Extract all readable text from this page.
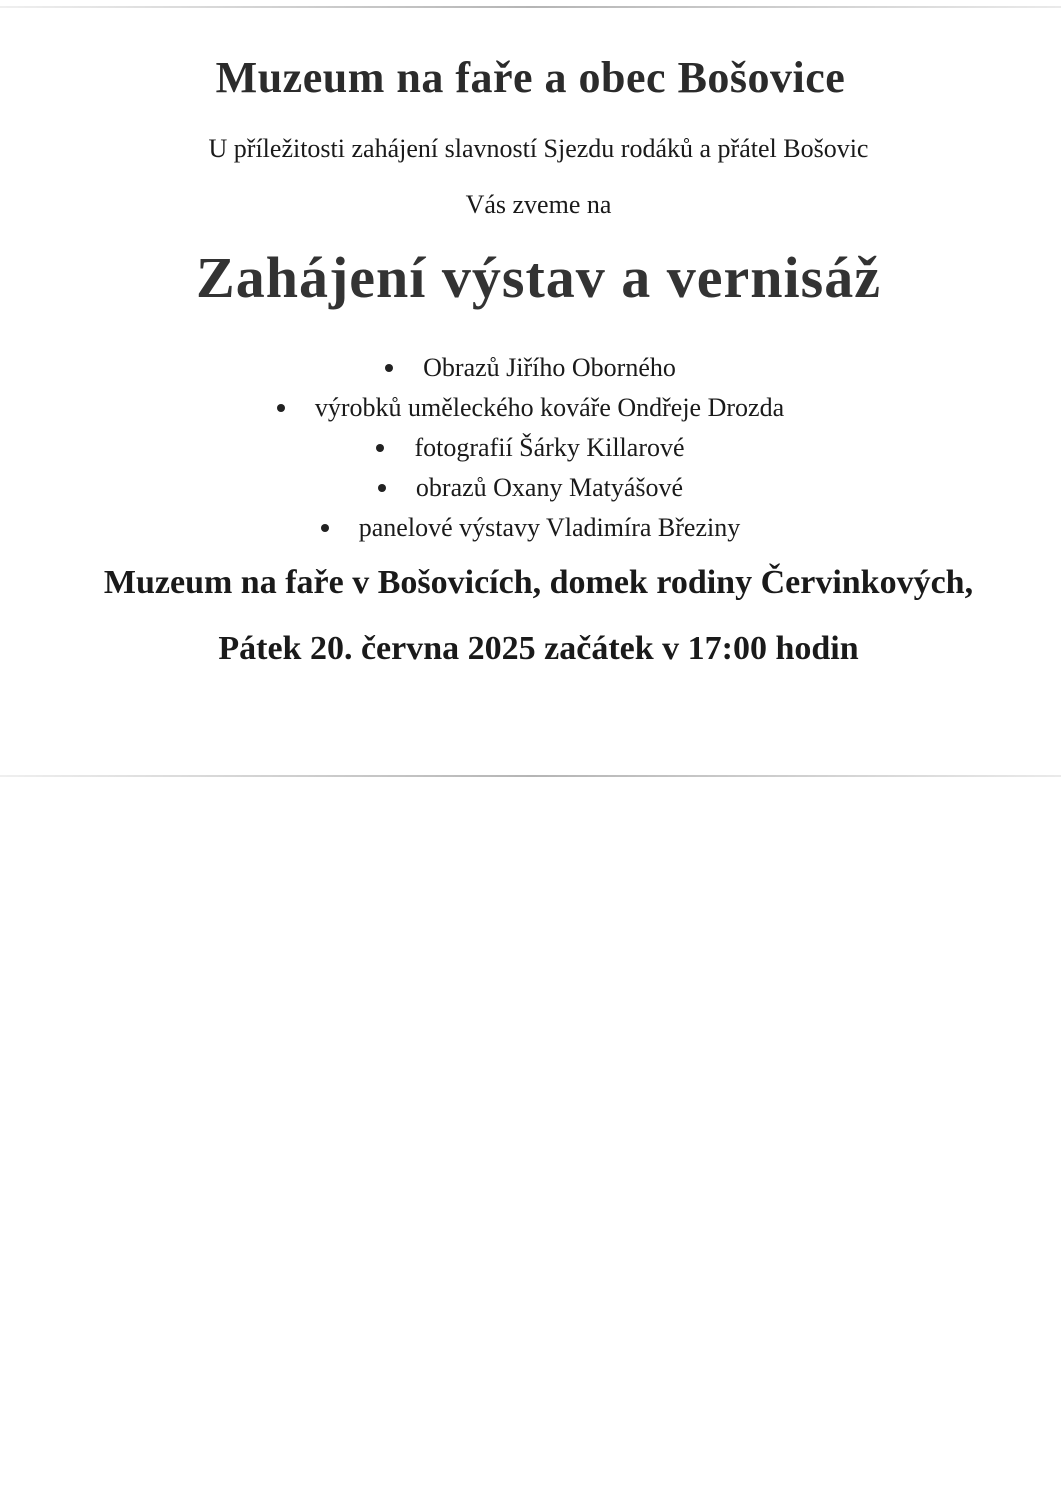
Muzeum na faře a obec Bošovice

U příležitosti zahájení slavností Sjezdu rodáků a přátel Bošovic

Vás zveme na

Zahájení výstav a vernisáž
Obrazů Jiřího Oborného
výrobků uměleckého kováře Ondřeje Drozda
fotografií Šárky Killarové
obrazů Oxany Matyášové
panelové výstavy Vladimíra Březiny

Muzeum na faře v Bošovicích, domek rodiny Červinkových,

Pátek 20. června 2025 začátek v 17:00 hodin
